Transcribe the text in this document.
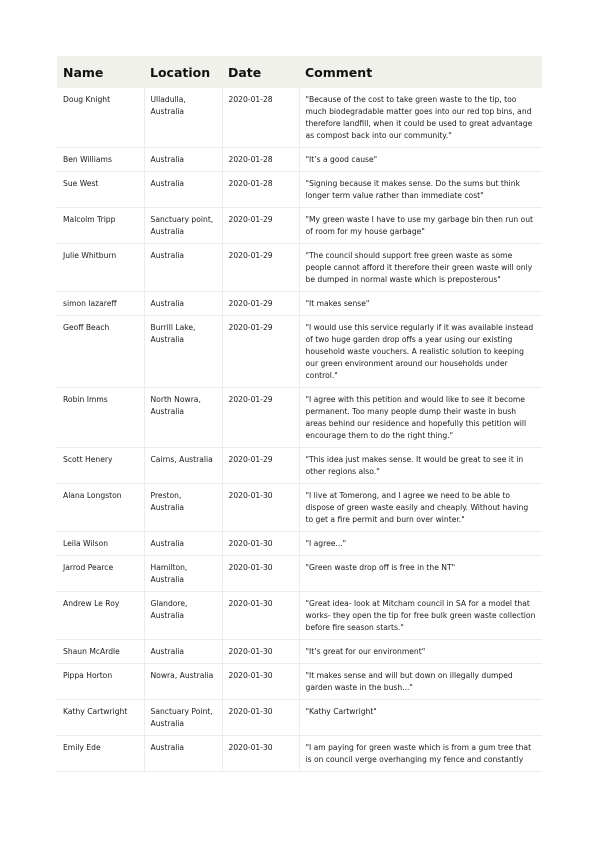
Name	Location	Date	Comment
Doug Knight	Ulladulla, Australia	2020-01-28	"Because of the cost to take green waste to the tip, too much biodegradable matter goes into our red top bins, and therefore landfill, when it could be used to great advantage as compost back into our community."
Ben Williams	Australia	2020-01-28	"It’s a good cause"
Sue West	Australia	2020-01-28	"Signing because it makes sense. Do the sums but think longer term value rather than immediate cost"
Malcolm Tripp	Sanctuary point, Australia	2020-01-29	"My green waste I have to use my garbage bin then run out of room for my house garbage"
Julie Whitburn	Australia	2020-01-29	"The council should support free green waste as some people cannot afford it therefore their green waste will only be dumped in normal waste which is preposterous"
simon lazareff	Australia	2020-01-29	"It makes sense"
Geoff Beach	Burrill Lake, Australia	2020-01-29	"I would use this service regularly if it was available instead of two huge garden drop offs a year using our existing household waste vouchers. A realistic solution to keeping our green environment around our households under control."
Robin Imms	North Nowra, Australia	2020-01-29	"I agree with this petition and would like to see it become permanent. Too many people dump their waste in bush areas behind our residence and hopefully this petition will encourage them to do the right thing."
Scott Henery	Cairns, Australia	2020-01-29	"This idea just makes sense. It would be great to see it in other regions also."
Alana Longston	Preston, Australia	2020-01-30	"I live at Tomerong, and I agree we need to be able to dispose of green waste easily and cheaply. Without having to get a fire permit and burn over winter."
Leila Wilson	Australia	2020-01-30	"I agree..."
Jarrod Pearce	Hamilton, Australia	2020-01-30	"Green waste drop off is free in the NT"
Andrew Le Roy	Glandore, Australia	2020-01-30	"Great idea- look at Mitcham council in SA for a model that works- they open the tip for free bulk green waste collection before fire season starts."
Shaun McArdle	Australia	2020-01-30	"It’s great for our environment"
Pippa Horton	Nowra, Australia	2020-01-30	"It makes sense and will but down on illegally dumped garden waste in the bush..."
Kathy Cartwright	Sanctuary Point, Australia	2020-01-30	"Kathy Cartwright"
Emily Ede	Australia	2020-01-30	"I am paying for green waste which is from a gum tree that is on council verge overhanging my fence and constantly
